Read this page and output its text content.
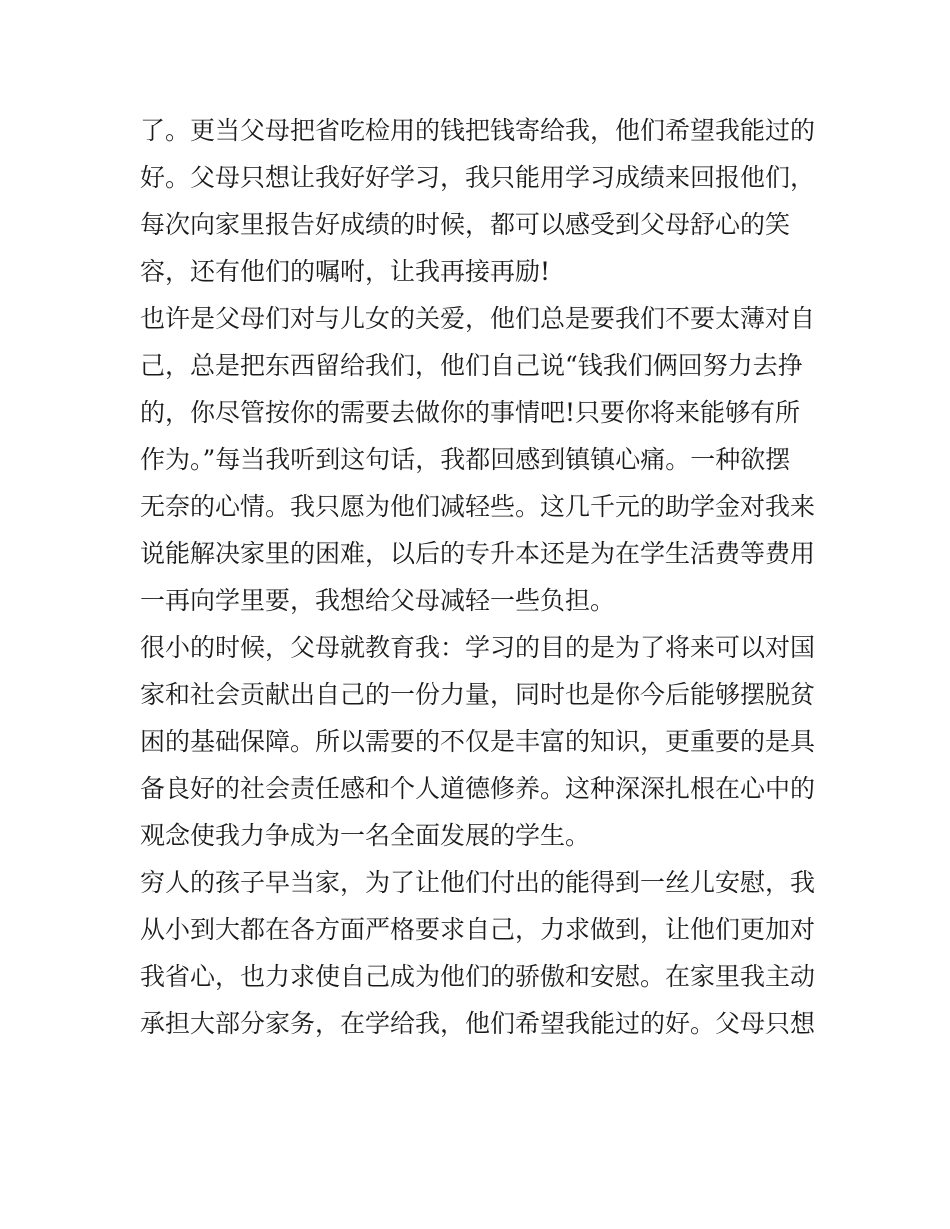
了。更当父母把省吃检用的钱把钱寄给我，他们希望我能过的
好。父母只想让我好好学习，我只能用学习成绩来回报他们，
每次向家里报告好成绩的时候，都可以感受到父母舒心的笑
容，还有他们的嘱咐，让我再接再励!
也许是父母们对与儿女的关爱，他们总是要我们不要太薄对自
己，总是把东西留给我们，他们自己说“钱我们俩回努力去挣
的，你尽管按你的需要去做你的事情吧!只要你将来能够有所
作为。”每当我听到这句话，我都回感到镇镇心痛。一种欲摆
无奈的心情。我只愿为他们减轻些。这几千元的助学金对我来
说能解决家里的困难，以后的专升本还是为在学生活费等费用
一再向学里要，我想给父母减轻一些负担。
很小的时候，父母就教育我：学习的目的是为了将来可以对国
家和社会贡献出自己的一份力量，同时也是你今后能够摆脱贫
困的基础保障。所以需要的不仅是丰富的知识，更重要的是具
备良好的社会责任感和个人道德修养。这种深深扎根在心中的
观念使我力争成为一名全面发展的学生。
穷人的孩子早当家，为了让他们付出的能得到一丝儿安慰，我
从小到大都在各方面严格要求自己，力求做到，让他们更加对
我省心，也力求使自己成为他们的骄傲和安慰。在家里我主动
承担大部分家务，在学给我，他们希望我能过的好。父母只想
